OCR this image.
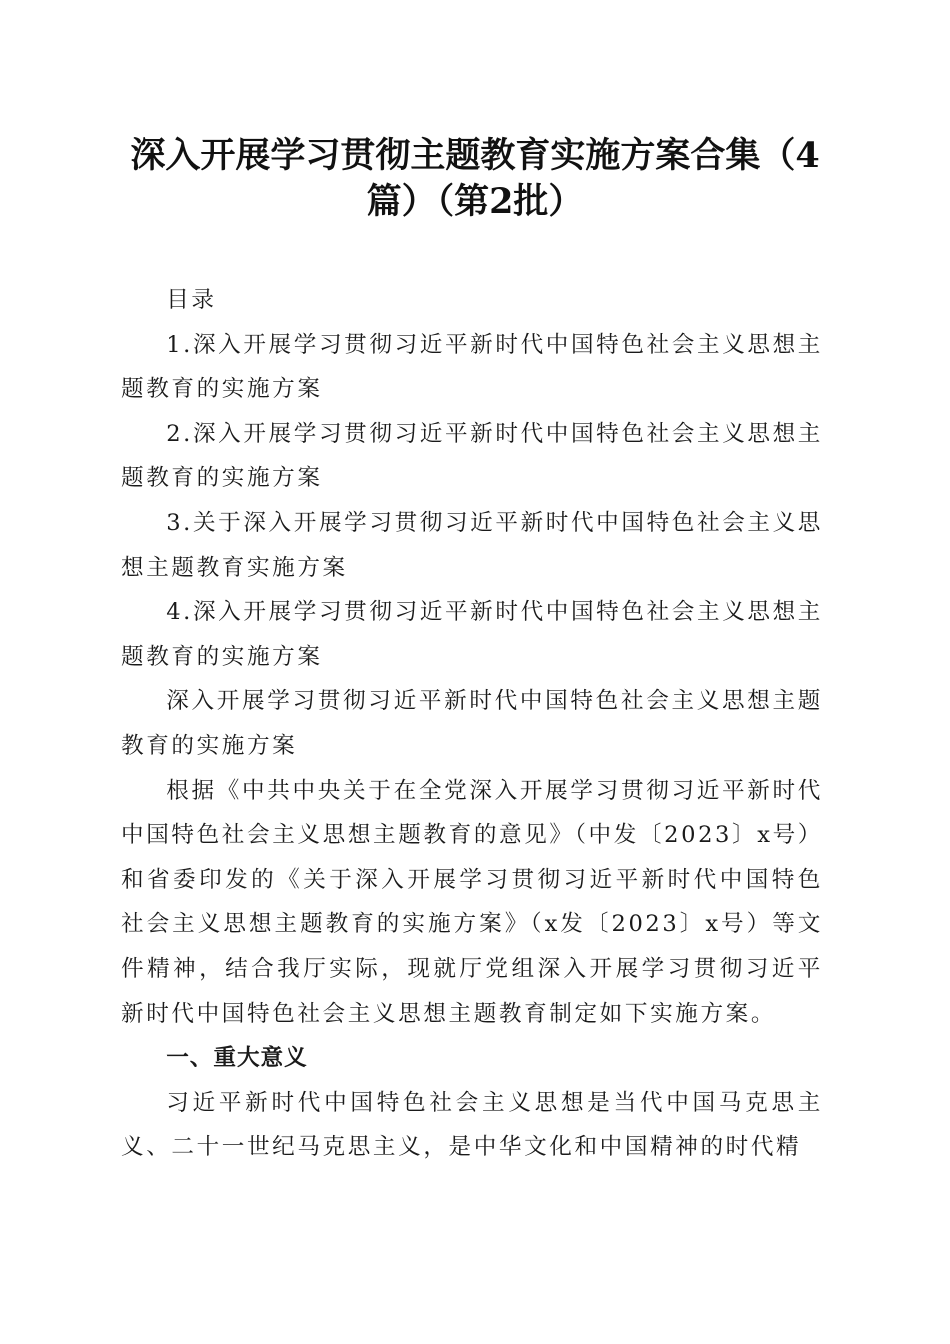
深入开展学习贯彻主题教育实施方案合集（4
篇）（第2批）

目录

1.深入开展学习贯彻习近平新时代中国特色社会主义思想主题教育的实施方案

2.深入开展学习贯彻习近平新时代中国特色社会主义思想主题教育的实施方案

3.关于深入开展学习贯彻习近平新时代中国特色社会主义思想主题教育实施方案

4.深入开展学习贯彻习近平新时代中国特色社会主义思想主题教育的实施方案

深入开展学习贯彻习近平新时代中国特色社会主义思想主题教育的实施方案

根据《中共中央关于在全党深入开展学习贯彻习近平新时代中国特色社会主义思想主题教育的意见》（中发〔2023〕x号）和省委印发的《关于深入开展学习贯彻习近平新时代中国特色社会主义思想主题教育的实施方案》（x发〔2023〕x号）等文件精神，结合我厅实际，现就厅党组深入开展学习贯彻习近平新时代中国特色社会主义思想主题教育制定如下实施方案。

一、重大意义

习近平新时代中国特色社会主义思想是当代中国马克思主义、二十一世纪马克思主义，是中华文化和中国精神的时代精
